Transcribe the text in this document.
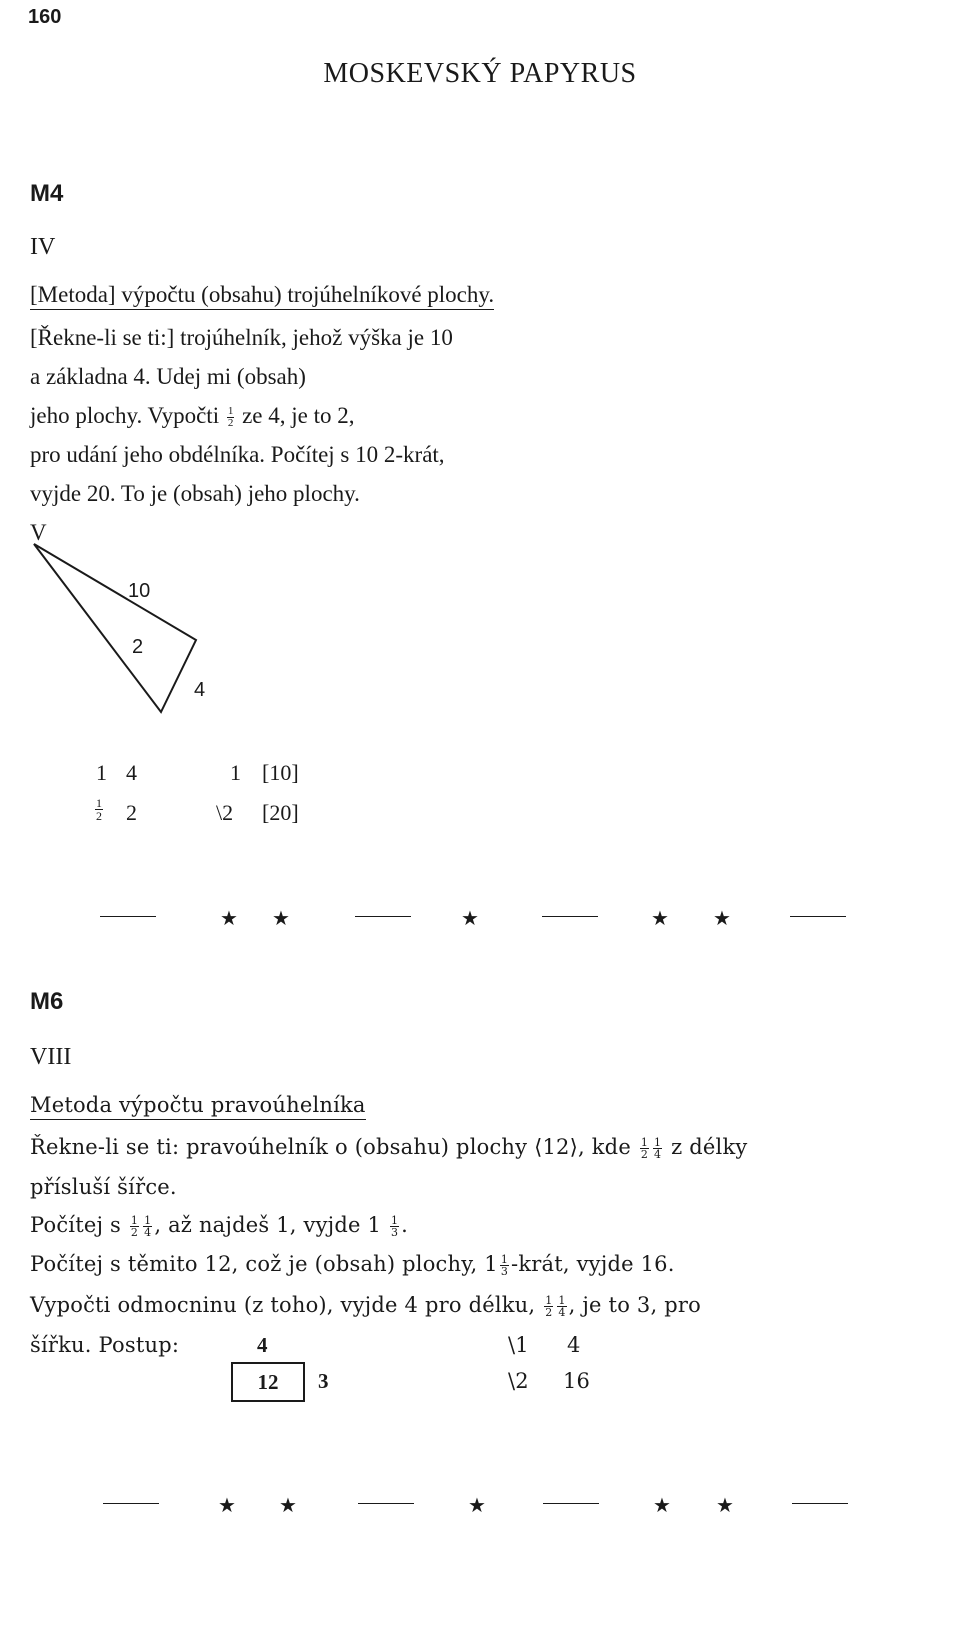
160
MOSKEVSKÝ PAPYRUS
M4
IV
[Metoda] výpočtu (obsahu) trojúhelníkové plochy.
[Řekne-li se ti:] trojúhelník, jehož výška je 10
a základna 4. Udej mi (obsah)
jeho plochy. Vypočti $\frac{1}{2}$ ze 4, je to 2,
pro udání jeho obdélníka. Počítej s 10 2-krát,
vyjde 20. To je (obsah) jeho plochy.
V
10
2
4
1 4	1 [10]
$\frac{1}{2} 2$	\2 [20]
★ ★	★	★ ★
M6
VIII
Metoda výpočtu pravoúhelníka
Řekne-li se ti: pravoúhelník o (obsahu) plochy ⟨12⟩, kde $\frac{1}{2} \frac{1}{4}$ z délky
přísluší šířce.
Počítej s $\frac{1}{2} \frac{1}{4}$ , až najdeš 1, vyjde $1 \frac{1}{3}$ .
Počítej s těmito 12, což je (obsah) plochy, $1 \frac{1}{3}$ -krát, vyjde 16.
Vypočti odmocninu (z toho), vyjde 4 pro délku, $\frac{1}{2} \frac{1}{4}$ , je to 3, pro
šířku. Postup:	4
12	3
\1 4
\2 16
★ ★	★	★ ★
